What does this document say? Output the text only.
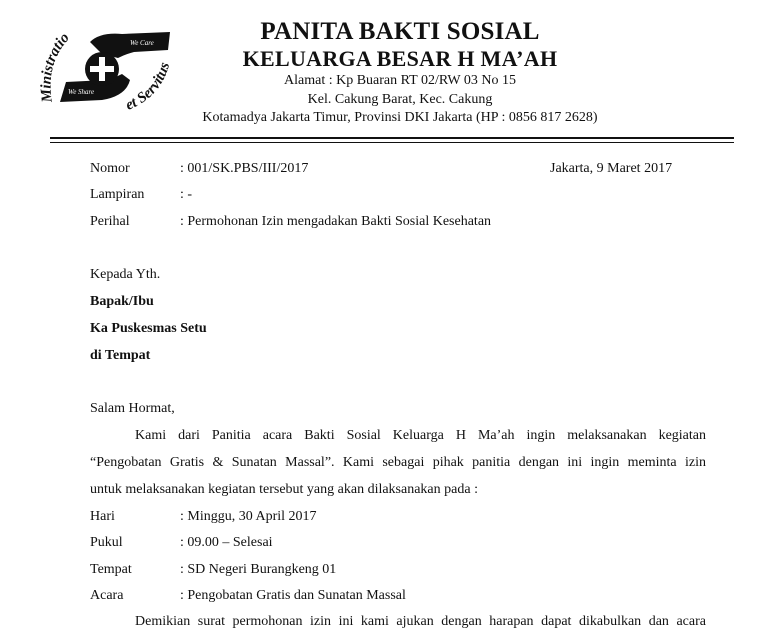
Ministratio
et Servitus
We Care
We Share
PANITA BAKTI SOSIAL
KELUARGA BESAR H MA’AH
Alamat : Kp Buaran RT 02/RW 03 No 15
Kel. Cakung Barat, Kec. Cakung
Kotamadya Jakarta Timur, Provinsi DKI Jakarta (HP : 0856 817 2628)
Nomor	: 001/SK.PBS/III/2017	Jakarta, 9 Maret 2017
Lampiran	: -
Perihal	: Permohonan Izin mengadakan Bakti Sosial Kesehatan
Kepada Yth.
Bapak/Ibu
Ka Puskesmas Setu
di Tempat
Salam Hormat,
Kami dari Panitia acara Bakti Sosial Keluarga H Ma’ah ingin melaksanakan kegiatan
“Pengobatan Gratis & Sunatan Massal”. Kami sebagai pihak panitia dengan ini ingin meminta izin
untuk melaksanakan kegiatan tersebut yang akan dilaksanakan pada :
Hari	: Minggu, 30 April 2017
Pukul	: 09.00 – Selesai
Tempat	: SD Negeri Burangkeng 01
Acara	: Pengobatan Gratis dan Sunatan Massal
Demikian surat permohonan izin ini kami ajukan dengan harapan dapat dikabulkan dan acara
